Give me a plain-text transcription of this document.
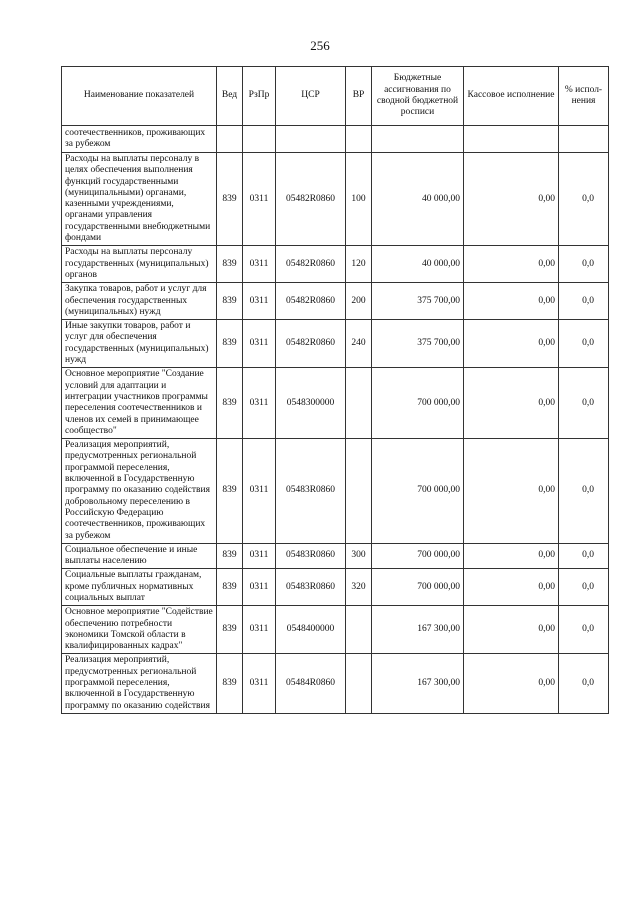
256
Наименование показателей	Вед	РзПр	ЦСР	ВР	Бюджетные ассигнования по сводной бюджетной росписи	Кассовое исполнение	% испол-нения
соотечественников, проживающих за рубежом							
Расходы на выплаты персоналу в целях обеспечения выполнения функций государственными (муниципальными) органами, казенными учреждениями, органами управления государственными внебюджетными фондами	839	0311	05482R0860	100	40 000,00	0,00	0,0
Расходы на выплаты персоналу государственных (муниципальных) органов	839	0311	05482R0860	120	40 000,00	0,00	0,0
Закупка товаров, работ и услуг для обеспечения государственных (муниципальных) нужд	839	0311	05482R0860	200	375 700,00	0,00	0,0
Иные закупки товаров, работ и услуг для обеспечения государственных (муниципальных) нужд	839	0311	05482R0860	240	375 700,00	0,00	0,0
Основное мероприятие "Создание условий для адаптации и интеграции участников программы переселения соотечественников и членов их семей в принимающее сообщество"	839	0311	0548300000		700 000,00	0,00	0,0
Реализация мероприятий, предусмотренных региональной программой переселения, включенной в Государственную программу по оказанию содействия добровольному переселению в Российскую Федерацию соотечественников, проживающих за рубежом	839	0311	05483R0860		700 000,00	0,00	0,0
Социальное обеспечение и иные выплаты населению	839	0311	05483R0860	300	700 000,00	0,00	0,0
Социальные выплаты гражданам, кроме публичных нормативных социальных выплат	839	0311	05483R0860	320	700 000,00	0,00	0,0
Основное мероприятие "Содействие обеспечению потребности экономики Томской области в квалифицированных кадрах"	839	0311	0548400000		167 300,00	0,00	0,0
Реализация мероприятий, предусмотренных региональной программой переселения, включенной в Государственную программу по оказанию содействия	839	0311	05484R0860		167 300,00	0,00	0,0
